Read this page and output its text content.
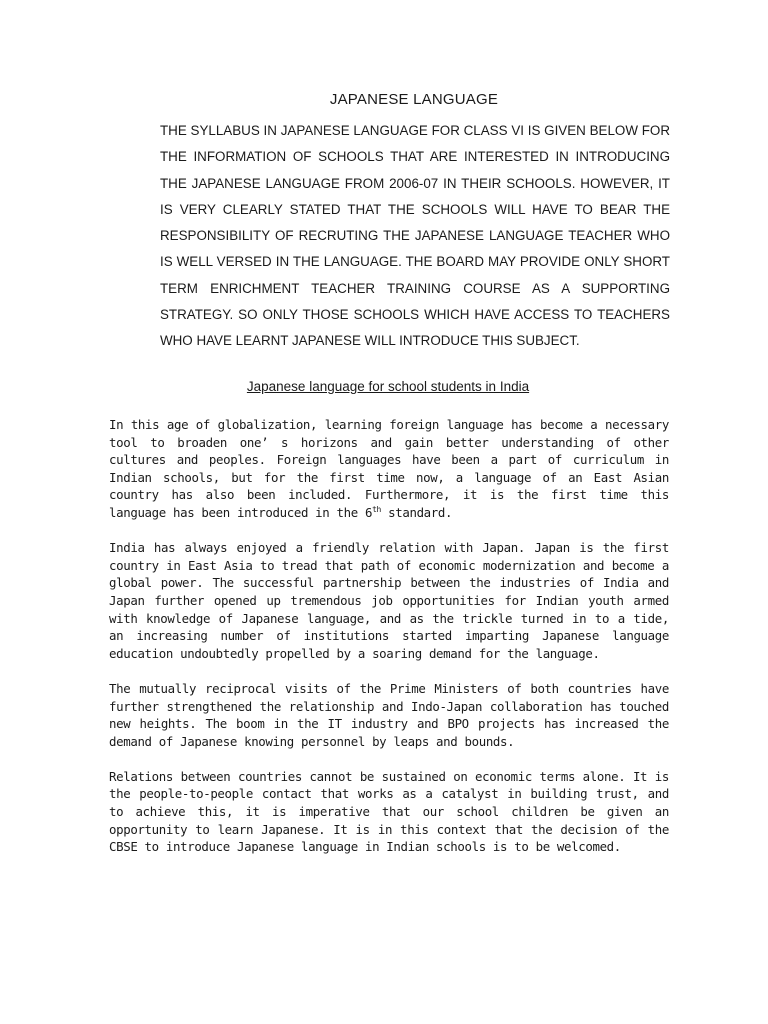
JAPANESE LANGUAGE

THE SYLLABUS IN JAPANESE LANGUAGE FOR CLASS VI IS GIVEN BELOW FOR THE INFORMATION OF SCHOOLS THAT ARE INTERESTED IN INTRODUCING THE JAPANESE LANGUAGE FROM 2006-07 IN THEIR SCHOOLS. HOWEVER, IT IS VERY CLEARLY STATED THAT THE SCHOOLS WILL HAVE TO BEAR THE RESPONSIBILITY OF RECRUTING THE JAPANESE LANGUAGE TEACHER WHO IS WELL VERSED IN THE LANGUAGE. THE BOARD MAY PROVIDE ONLY SHORT TERM ENRICHMENT TEACHER TRAINING COURSE AS A SUPPORTING STRATEGY. SO ONLY THOSE SCHOOLS WHICH HAVE ACCESS TO TEACHERS WHO HAVE LEARNT JAPANESE WILL INTRODUCE THIS SUBJECT.

Japanese language for school students in India

In this age of globalization, learning foreign language has become a necessary tool to broaden one’ s horizons and gain better understanding of other cultures and peoples. Foreign languages have been a part of curriculum in Indian schools, but for the first time now, a language of an East Asian country has also been included. Furthermore, it is the first time this language has been introduced in the 6th standard.

India has always enjoyed a friendly relation with Japan. Japan is the first country in East Asia to tread that path of economic modernization and become a global power. The successful partnership between the industries of India and Japan further opened up tremendous job opportunities for Indian youth armed with knowledge of Japanese language, and as the trickle turned in to a tide, an increasing number of institutions started imparting Japanese language education undoubtedly propelled by a soaring demand for the language.

The mutually reciprocal visits of the Prime Ministers of both countries have further strengthened the relationship and Indo-Japan collaboration has touched new heights. The boom in the IT industry and BPO projects has increased the demand of Japanese knowing personnel by leaps and bounds.

Relations between countries cannot be sustained on economic terms alone. It is the people-to-people contact that works as a catalyst in building trust, and to achieve this, it is imperative that our school children be given an opportunity to learn Japanese. It is in this context that the decision of the CBSE to introduce Japanese language in Indian schools is to be welcomed.
